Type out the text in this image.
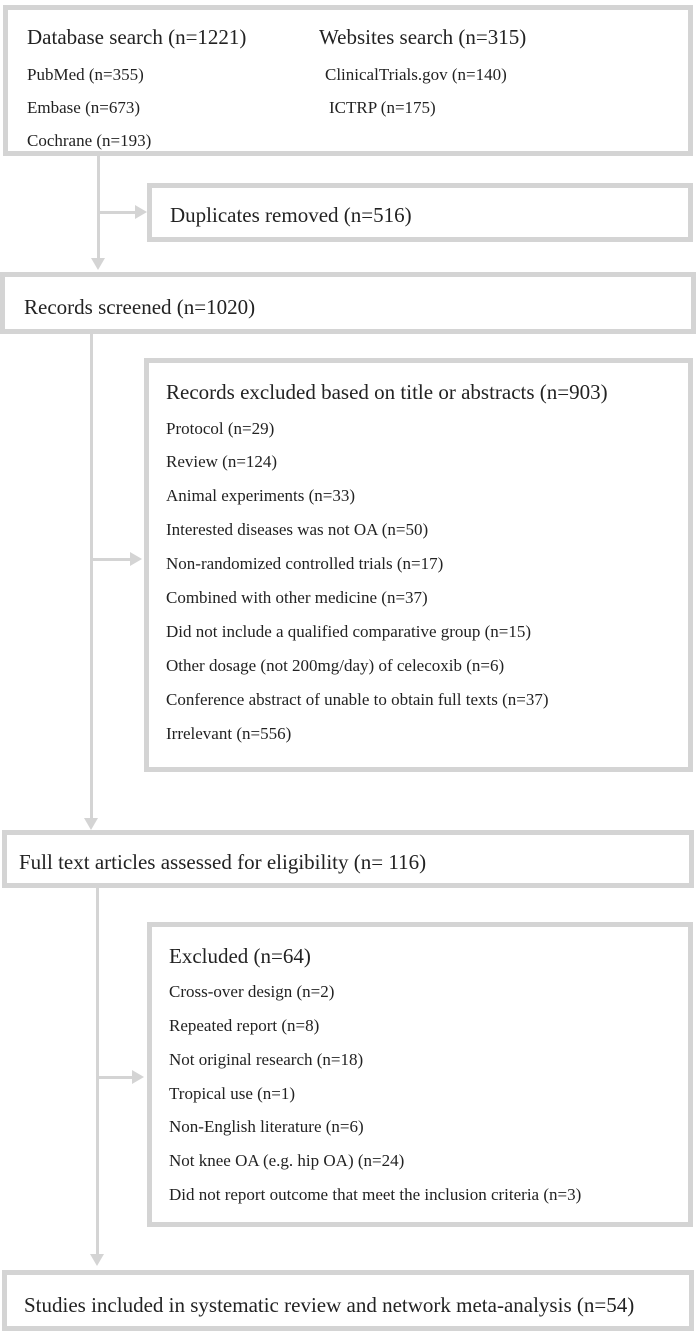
Database search (n=1221)
PubMed (n=355)
Embase (n=673)
Cochrane (n=193)
Websites search (n=315)
ClinicalTrials.gov (n=140)
ICTRP (n=175)
Duplicates removed (n=516)
Records screened (n=1020)
Records excluded based on title or abstracts (n=903)
Protocol (n=29)
Review (n=124)
Animal experiments (n=33)
Interested diseases was not OA (n=50)
Non-randomized controlled trials (n=17)
Combined with other medicine (n=37)
Did not include a qualified comparative group (n=15)
Other dosage (not 200mg/day) of celecoxib (n=6)
Conference abstract of unable to obtain full texts (n=37)
Irrelevant (n=556)
Full text articles assessed for eligibility (n= 116)
Excluded (n=64)
Cross-over design (n=2)
Repeated report (n=8)
Not original research (n=18)
Tropical use (n=1)
Non-English literature (n=6)
Not knee OA (e.g. hip OA) (n=24)
Did not report outcome that meet the inclusion criteria (n=3)
Studies included in systematic review and network meta-analysis (n=54)
